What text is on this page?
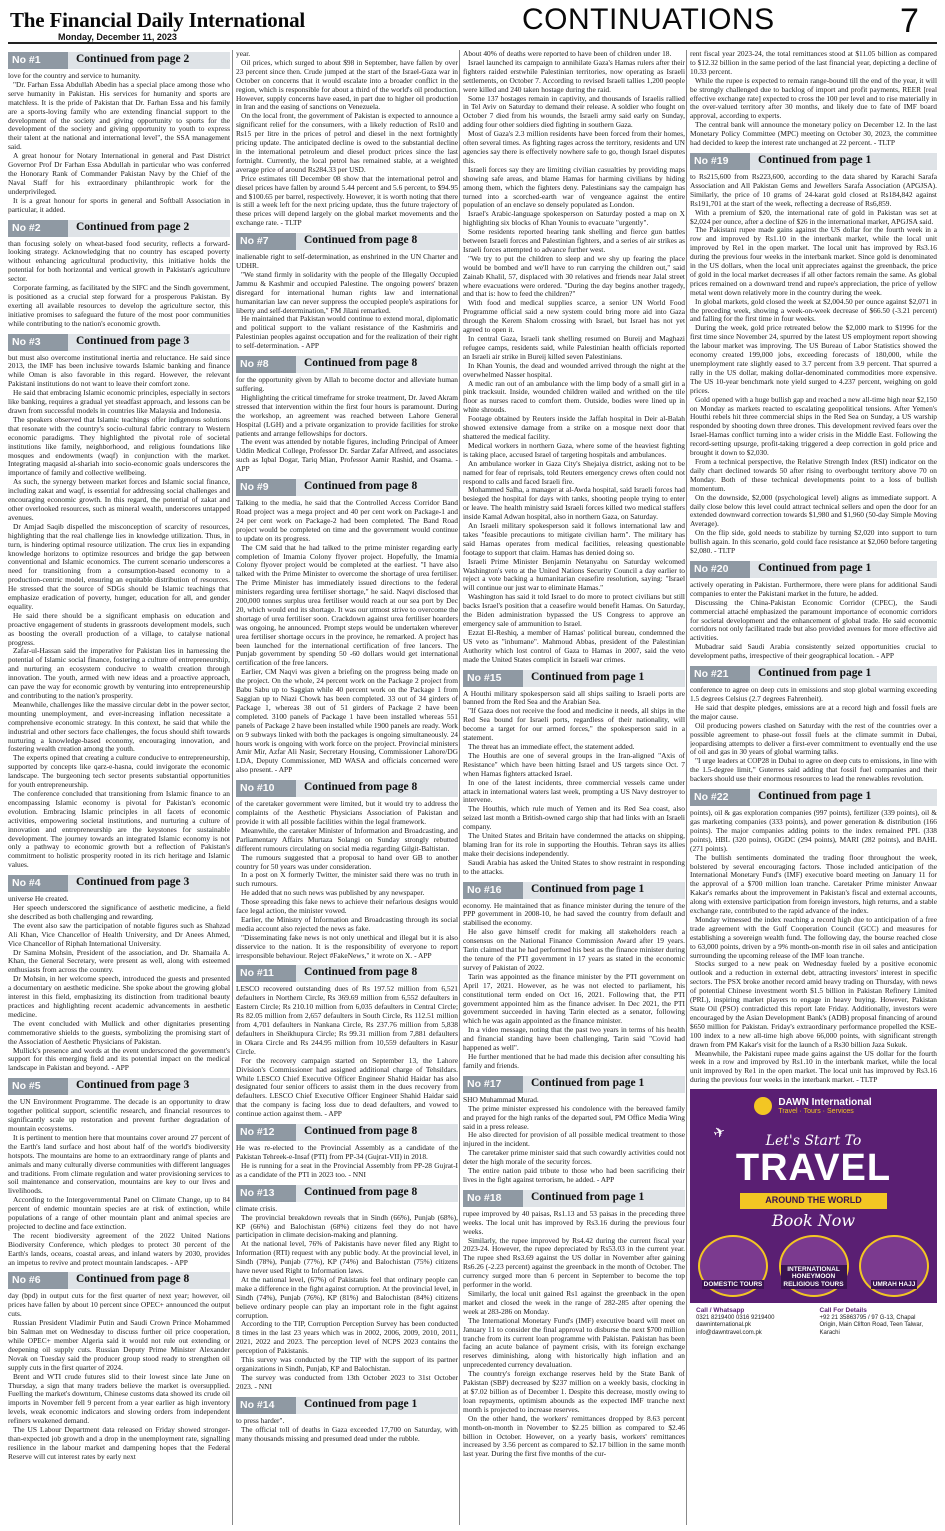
The Financial Daily International
Monday, December 11, 2023
CONTINUATIONS	7
No #1	Continued from page 2

love for the country and service to humanity.

"Dr. Farhan Essa Abdullah Abedin has a special place among those who serve humanity in Pakistan. His services for humanity and sports are matchless. It is the pride of Pakistan that Dr. Farhan Essa and his family are a sports-loving family who are extending financial support to the development of the society and giving opportunity to sports for the development of the society and giving opportunity to youth to express their talent at the national and international level", the SSA management said.

A great honour for Notary International in general and Past District Governor Prof Dr Farhan Essa Abdullah in particular who was conferred the Honorary Rank of Commander Pakistan Navy by the Chief of the Naval Staff for his extraordinary philanthropic work for the underprivileged.

It is a great honour for sports in general and Softball Association in particular, it added.

No #2	Continued from page 2

than focusing solely on wheat-based food security, reflects a forward-looking strategy. Acknowledging that no country has escaped poverty without enhancing agricultural productivity, this initiative holds the potential for both horizontal and vertical growth in Pakistan's agriculture sector.

Corporate farming, as facilitated by the SIFC and the Sindh government, is positioned as a crucial step forward for a prosperous Pakistan. By exerting all available resources to develop the agriculture sector, this initiative promises to safeguard the future of the most poor communities while contributing to the nation's economic growth.

No #3	Continued from page 3

but must also overcome institutional inertia and reluctance. He said since 2013, the IMF has been inclusive towards Islamic banking and finance while Oman is also favorable in this regard. However, the relevant Pakistani institutions do not want to leave their comfort zone.

He said that embracing Islamic economic principles, especially in sectors like banking, requires a gradual yet steadfast approach, and lessons can be drawn from successful models in countries like Malaysia and Indonesia.

The speakers observed that Islamic teachings offer indigenous solutions that resonate with the country's socio-cultural fabric contrary to Western economic paradigms. They highlighted the pivotal role of societal institutions like family, neighborhood, and religious foundations like mosques and endowments (waqf) in conjunction with the market. Integrating maqasid al-shariah into socio-economic goals underscores the importance of family and collective wellbeing.

As such, the synergy between market forces and Islamic social finance, including zakat and waqf, is essential for addressing social challenges and encouraging economic growth. In this regard, the potential of zakat and other overlooked resources, such as mineral wealth, underscores untapped avenues.

Dr Amjad Saqib dispelled the misconception of scarcity of resources, highlighting that the real challenge lies in knowledge utilization. Thus, in turn, is hindering optimal resource utilization. The crux lies in expanding knowledge horizons to optimize resources and bridge the gap between conventional and Islamic economics. The current scenario underscores a need for transitioning from a consumption-based economy to a production-centric model, ensuring an equitable distribution of resources. He stressed that the source of SDGs should be Islamic teachings that emphasize eradication of poverty, hunger, education for all, and gender equality.

He said there should be a significant emphasis on education and proactive engagement of students in grassroots development models, such as boosting the overall production of a village, to catalyse national progress.

Zafar-ul-Hassan said the imperative for Pakistan lies in harnessing the potential of Islamic social finance, fostering a culture of entrepreneurship, and nurturing an ecosystem conducive to wealth creation through innovation. The youth, armed with new ideas and a proactive approach, can pave the way for economic growth by venturing into entrepreneurship and contributing to the nation's prosperity.

Meanwhile, challenges like the massive circular debt in the power sector, mounting unemployment, and ever-increasing inflation necessitate a comprehensive economic strategy. In this context, he said that while the industrial and other sectors face challenges, the focus should shift towards nurturing a knowledge-based economy, encouraging innovation, and fostering wealth creation among the youth.

The experts opined that creating a culture conducive to entrepreneurship, supported by concepts like qarz-e-hasna, could invigorate the economic landscape. The burgeoning tech sector presents substantial opportunities for youth entrepreneurship.

The conference concluded that transitioning from Islamic finance to an encompassing Islamic economy is pivotal for Pakistan's economic evolution. Embracing Islamic principles in all facets of economic activities, empowering societal institutions, and nurturing a culture of innovation and entrepreneurship are the keystones for sustainable development. The journey towards an integrated Islamic economy is not only a pathway to economic growth but a reflection of Pakistan's commitment to holistic prosperity rooted in its rich heritage and Islamic values.

No #4	Continued from page 3

universe He created.

Her speech underscored the significance of aesthetic medicine, a field she described as both challenging and rewarding.

The event also saw the participation of notable figures such as Shahzad Ali Khan, Vice Chancellor of Health University, and Dr Anees Ahmed, Vice Chancellor of Riphah International University.

Dr Samina Mohsin, President of the association, and Dr. Shamaila A. Khan, the General Secretary, were present as well, along with esteemed enthusiasts from across the country.

Dr Mohsin, in her welcome speech, introduced the guests and presented a documentary on aesthetic medicine. She spoke about the growing global interest in this field, emphasizing its distinction from traditional beauty practices and highlighting recent academic advancements in aesthetic medicine.

The event concluded with Mullick and other dignitaries presenting commemorative shields to the guests, symbolizing the promising start of the Association of Aesthetic Physicians of Pakistan.

Mullick's presence and words at the event underscored the government's support for this emerging field and its potential impact on the medical landscape in Pakistan and beyond. - APP

No #5	Continued from page 3

the UN Environment Programme. The decade is an opportunity to draw together political support, scientific research, and financial resources to significantly scale up restoration and prevent further degradation of mountain ecosystems.

It is pertinent to mention here that mountains cover around 27 percent of the Earth's land surface and host about half of the world's biodiversity hotspots. The mountains are home to an extraordinary range of plants and animals and many culturally diverse communities with different languages and traditions. From climate regulation and water provisioning services to soil maintenance and conservation, mountains are key to our lives and livelihoods.

According to the Intergovernmental Panel on Climate Change, up to 84 percent of endemic mountain species are at risk of extinction, while populations of a range of other mountain plant and animal species are projected to decline and face extinction.

The recent biodiversity agreement of the 2022 United Nations Biodiversity Conference, which pledges to protect 30 percent of the Earth's lands, oceans, coastal areas, and inland waters by 2030, provides an impetus to revive and protect mountain landscapes. - APP

No #6	Continued from page 8

day (bpd) in output cuts for the first quarter of next year; however, oil prices have fallen by about 10 percent since OPEC+ announced the output cuts.

Russian President Vladimir Putin and Saudi Crown Prince Mohammed bin Salman met on Wednesday to discuss further oil price cooperation, while OPEC+ member Algeria said it would not rule out extending or deepening oil supply cuts. Russian Deputy Prime Minister Alexander Novak on Tuesday said the producer group stood ready to strengthen oil supply cuts in the first quarter of 2024.

Brent and WTI crude futures slid to their lowest since late June on Thursday, a sign that many traders believe the market is oversupplied. Fuelling the market's downturn, Chinese customs data showed its crude oil imports in November fell 9 percent from a year earlier as high inventory levels, weak economic indicators and slowing orders from independent refiners weakened demand.

The US Labour Department data released on Friday showed stronger-than-expected job growth and a drop in the unemployment rate, signalling resilience in the labour market and dampening hopes that the Federal Reserve will cut interest rates by early next

year.

Oil prices, which surged to about $98 in September, have fallen by over 23 percent since then. Crude jumped at the start of the Israel-Gaza war in October on concerns that it would escalate into a broader conflict in the region, which is responsible for about a third of the world's oil production. However, supply concerns have eased, in part due to higher oil production in Iran and the easing of sanctions on Venezuela.

On the local front, the government of Pakistan is expected to announce a significant relief for the consumers, with a likely reduction of Rs10 and Rs15 per litre in the prices of petrol and diesel in the next fortnightly pricing update. The anticipated decline is owed to the substantial decline in the international petroleum and diesel product prices since the last fortnight. Currently, the local petrol has remained stable, at a weighted average price of around Rs284.33 per USD.

Price estimates till December 08 show that the international petrol and diesel prices have fallen by around 5.44 percent and 5.6 percent, to $94.95 and $100.65 per barrel, respectively. However, it is worth noting that there is still a week left for the next pricing update, thus the future trajectory of these prices will depend largely on the global market movements and the exchange rate. - TLTP

No #7	Continued from page 8

inalienable right to self-determination, as enshrined in the UN Charter and UDHR.

"We stand firmly in solidarity with the people of the Illegally Occupied Jammu & Kashmir and occupied Palestine. The ongoing powers' brazen disregard for international human rights law and international humanitarian law can never suppress the occupied people's aspirations for liberty and self-determination," FM Jilani remarked.

He maintained that Pakistan would continue to extend moral, diplomatic and political support to the valiant resistance of the Kashmiris and Palestinian peoples against occupation and for the realization of their right to self-determination. - APP

No #8	Continued from page 8

for the opportunity given by Allah to become doctor and alleviate human suffering.

Highlighting the critical timeframe for stroke treatment, Dr. Javed Akram stressed that intervention within the first four hours is paramount. During the workshop, an agreement was reached between Lahore General Hospital (LGH) and a private organization to provide facilities for stroke patients and arrange fellowships for doctors.

The event was attended by notable figures, including Principal of Ameer Uddin Medical College, Professor Dr. Sardar Zafar Alfreed, and associates such as Iqbal Dogar, Tariq Mian, Professor Aamir Rashid, and Osama. - APP

No #9	Continued from page 8

Talking to the media, he said that the Controlled Access Corridor Band Road project was a mega project and 40 per cent work on Package-1 and 24 per cent work on Package-2 had been completed. The Band Road project would be completed on time and the government would continue to update on its progress.

The CM said that he had talked to the prime minister regarding early completion of Imamia Colony flyover project. Hopefully, the Imamia Colony flyover project would be completed at the earliest. "I have also talked with the Prime Minister to overcome the shortage of urea fertiliser. The Prime Minister has immediately issued directions to the federal ministers regarding urea fertiliser shortage," he said. Naqvi disclosed that 200,000 tonnes surplus urea fertiliser would reach at our sea port by Dec 20, which would end its shortage. It was our utmost strive to overcome the shortage of urea fertiliser soon. Crackdown against urea fertiliser hoarders was ongoing, he announced. Prompt steps would be undertaken wherever urea fertiliser shortage occurs in the province, he remarked. A project has been launched for the international certification of free lancers. The Punjab government by spending 50 -60 dollars would get international certification of the free lancers.

Earlier, CM Naqvi was given a briefing on the progress being made on the project. On the whole, 24 percent work on the Package 2 project from Babu Sabu up to Saggian while 40 percent work on the Package 1 from Saggian up to Niazi Chowk has been completed. 33 out of 34 girders of Package 1, whereas 38 out of 51 girders of Package 2 have been completed. 3100 panels of Package 1 have been installed whereas 551 panels of Package 2 have been installed while 1900 panels are ready. Work on 9 subways linked with both the packages is ongoing simultaneously. 24 hours work is ongoing with work force on the project. Provincial ministers Amir Mir, Azfar Ali Nasir, Secretary Housing, Commissioner Lahore/DG LDA, Deputy Commissioner, MD WASA and officials concerned were also present. - APP

No #10	Continued from page 8

of the caretaker government were limited, but it would try to address the complaints of the Aesthetic Physicians Association of Pakistan and provide it with all possible facilities within the legal framework.

Meanwhile, the caretaker Minister of Information and Broadcasting, and Parliamentary Affairs Murtaza Solangi on Sunday strongly rebutted different rumours circulating on social media regarding Gilgit-Baltistan.

The rumours suggested that a proposal to hand over GB to another country for 50 years was under consideration.

In a post on X formerly Twitter, the minister said there was no truth in such rumours.

He added that no such news was published by any newspaper.

Those spreading this fake news to achieve their nefarious designs would face legal action, the minister vowed.

Earlier, the Ministry of Information and Broadcasting through its social media account also rejected the news as fake.

"Disseminating fake news is not only unethical and illegal but it is also disservice to the nation. It is the responsibility of everyone to report irresponsible behaviour. Reject #FakeNews," it wrote on X. - APP

No #11	Continued from page 8

LESCO recovered outstanding dues of Rs 197.52 million from 6,521 defaulters in Northern Circle, Rs 369.69 million from 6,552 defaulters in Eastern Circle; Rs 210.10 million from 6,035 defaulters in Central Circle; Rs 82.05 million from 2,657 defaulters in South Circle, Rs 112.51 million from 4,701 defaulters in Nankana Circle, Rs 237.76 million from 5,838 defaulters in Sheikhupura Circle; Rs 99.31 million from 7,881 defaulters in Okara Circle and Rs 244.95 million from 10,559 defaulters in Kasur Circle.

For the recovery campaign started on September 13, the Lahore Division's Commissioner had assigned additional charge of Tehsildars. While LESCO Chief Executive Officer Engineer Shahid Haidar has also designated four senior officers to assist them in the dues recovery from defaulters. LESCO Chief Executive Officer Engineer Shahid Haidar said that the company is facing loss due to dead defaulters, and vowed to continue action against them. - APP

No #12	Continued from page 8

He was re-elected to the Provincial Assembly as a candidate of the Pakistan Tehreek-e-Insaf (PTI) from PP-34 (Gujrat-VII) in 2018.

He is running for a seat in the Provincial Assembly from PP-28 Gujrat-I as a candidate of the PTI in 2023 too. - NNI

No #13	Continued from page 8

climate crisis.

The provincial breakdown reveals that in Sindh (66%), Punjab (68%), KP (66%) and Balochistan (68%) citizens feel they do not have participation in climate decision-making and planning.

At the national level, 76% of Pakistanis have never filed any Right to Information (RTI) request with any public body. At the provincial level, in Sindh (78%), Punjab (77%), KP (74%) and Balochistan (75%) citizens have never used Right to Information laws.

At the national level, (67%) of Pakistanis feel that ordinary people can make a difference in the fight against corruption. At the provincial level, in Sindh (74%), Punjab (76%), KP (81%) and Balochistan (84%) citizens believe ordinary people can play an important role in the fight against corruption.

According to the TIP, Corruption Perception Survey has been conducted 8 times in the last 23 years which was in 2002, 2006, 2009, 2010, 2011, 2021, 2022 and 2023. The perception level of NCPS 2023 contains the perception of Pakistanis.

This survey was conducted by the TIP with the support of its partner organizations in Sindh, Punjab, KP and Balochistan.

The survey was conducted from 13th October 2023 to 31st October 2023. - NNI

No #14	Continued from page 1

to press harder".

The official toll of deaths in Gaza exceeded 17,700 on Saturday, with many thousands missing and presumed dead under the rubble.

About 40% of deaths were reported to have been of children under 18.

Israel launched its campaign to annihilate Gaza's Hamas rulers after their fighters raided erstwhile Palestinian territories, now operating as Israeli settlements, on October 7. According to revised Israeli tallies 1,200 people were killed and 240 taken hostage during the raid.

Some 137 hostages remain in captivity, and thousands of Israelis rallied in Tel Aviv on Saturday to demand their release. A soldier who fought on October 7 died from his wounds, the Israeli army said early on Sunday, adding four other soldiers died fighting in southern Gaza.

Most of Gaza's 2.3 million residents have been forced from their homes, often several times. As fighting rages across the territory, residents and UN agencies say there is effectively nowhere safe to go, though Israel disputes this.

Israeli forces say they are limiting civilian casualties by providing maps showing safe areas, and blame Hamas for harming civilians by hiding among them, which the fighters deny. Palestinians say the campaign has turned into a scorched-earth war of vengeance against the entire population of an enclave so densely populated as London.

Israel's Arabic-language spokesperson on Saturday posted a map on X highlighting six blocks of Khan Younis to evacuate "urgently".

Some residents reported hearing tank shelling and fierce gun battles between Israeli forces and Palestinian fighters, and a series of air strikes as Israeli forces attempted to advance further west.

"We try to put the children to sleep and we shy up fearing the place would be bombed and we'll have to run carrying the children out," said Zainab Khalil, 57, displaced with 30 relatives and friends near Jalal street where evacuations were ordered. "During the day begins another tragedy, and that is: how to feed the children?"

With food and medical supplies scarce, a senior UN World Food Programme official said a new system could bring more aid into Gaza through the Kerem Shalom crossing with Israel, but Israel has not yet agreed to open it.

In central Gaza, Israeli tank shelling resumed on Bureij and Maghazi refugee camps, residents said, while Palestinian health officials reported an Israeli air strike in Bureij killed seven Palestinians.

In Khan Younis, the dead and wounded arrived through the night at the overwhelmed Nasser hospital.

A medic ran out of an ambulance with the limp body of a small girl in a pink tracksuit. Inside, wounded children wailed and writhed on the tile floor as nurses raced to comfort them. Outside, bodies were lined up in white shrouds.

Footage obtained by Reuters inside the Jaffah hospital in Deir al-Balah showed extensive damage from a strike on a mosque next door that shattered the medical facility.

Medical workers in northern Gaza, where some of the heaviest fighting is taking place, accused Israel of targeting hospitals and ambulances.

An ambulance worker in Gaza City's Shejaiya district, asking not to be named for fear of reprisals, told Reuters emergency crews often could not respond to calls and faced Israeli fire.

Mohammed Salha, a manager at al-Awda hospital, said Israeli forces had besieged the hospital for days with tanks, shooting people trying to enter or leave. The health ministry said Israeli forces killed two medical staffers inside Kamal Adwan hospital, also in northern Gaza, on Saturday.

An Israeli military spokesperson said it follows international law and takes "feasible precautions to mitigate civilian harm". The military has said Hamas operates from medical facilities, releasing questionable footage to support that claim. Hamas has denied doing so.

Israeli Prime Minister Benjamin Netanyahu on Saturday welcomed Washington's veto at the United Nations Security Council a day earlier to reject a vote backing a humanitarian ceasefire resolution, saying: "Israel will continue our just war to eliminate Hamas."

Washington has said it told Israel to do more to protect civilians but still backs Israel's position that a ceasefire would benefit Hamas. On Saturday, the Biden administration bypassed the US Congress to approve an emergency sale of ammunition to Israel.

Ezzat El-Reshiq, a member of Hamas' political bureau, condemned the US veto as "inhumane". Mahmoud Abbas, president of the Palestinian Authority which lost control of Gaza to Hamas in 2007, said the veto made the United States complicit in Israeli war crimes.

No #15	Continued from page 1

A Houthi military spokesperson said all ships sailing to Israeli ports are banned from the Red Sea and the Arabian Sea.

"If Gaza does not receive the food and medicine it needs, all ships in the Red Sea bound for Israeli ports, regardless of their nationality, will become a target for our armed forces," the spokesperson said in a statement.

The threat has an immediate effect, the statement added.

The Houthis are one of several groups in the Iran-aligned "Axis of Resistance" which have been hitting Israel and US targets since Oct. 7 when Hamas fighters attacked Israel.

In one of the latest incidents, three commercial vessels came under attack in international waters last week, prompting a US Navy destroyer to intervene.

The Houthis, which rule much of Yemen and its Red Sea coast, also seized last month a British-owned cargo ship that had links with an Israeli company.

The United States and Britain have condemned the attacks on shipping, blaming Iran for its role in supporting the Houthis. Tehran says its allies make their decisions independently.

Saudi Arabia has asked the United States to show restraint in responding to the attacks.

No #16	Continued from page 1

economy. He maintained that as finance minister during the tenure of the PPP government in 2008-10, he had saved the country from default and stabilised the economy.

He also gave himself credit for making all stakeholders reach a consensus on the National Finance Commission Award after 19 years. Tarin claimed that he had performed his best as the finance minister during the tenure of the PTI government in 17 years as stated in the economic survey of Pakistan of 2022.

Tarin was appointed as the finance minister by the PTI government on April 17, 2021. However, as he was not elected to parliament, his constitutional term ended on Oct 16, 2021. Following that, the PTI government appointed him as the finance adviser. In Dec 2021, the PTI government succeeded in having Tarin elected as a senator, following which he was again appointed as the finance minister.

In a video message, noting that the past two years in terms of his health and financial standing have been challenging, Tarin said "Covid had happened as well".

He further mentioned that he had made this decision after consulting his family and friends.

No #17	Continued from page 1

SHO Muhammad Murad.

The prime minister expressed his condolence with the bereaved family and prayed for the high ranks of the departed soul, PM Office Media Wing said in a press release.

He also directed for provision of all possible medical treatment to those injured in the incident.

The caretaker prime minister said that such cowardly activities could not deter the high morale of the security forces.

The entire nation paid tribute to those who had been sacrificing their lives in the fight against terrorism, he added. - APP

No #18	Continued from page 1

rupee improved by 40 paisas, Rs1.13 and 53 paisas in the preceding three weeks. The local unit has improved by Rs3.16 during the previous four weeks.

Similarly, the rupee improved by Rs4.42 during the current fiscal year 2023-24. However, the rupee depreciated by Rs53.03 in the current year. The rupee shed Rs3.69 against the US dollar in November after gaining Rs6.26 (-2.23 percent) against the greenback in the month of October. The currency surged more than 6 percent in September to become the top performer in the world.

Similarly, the local unit gained Rs1 against the greenback in the open market and closed the week in the range of 282-285 after opening the week at 283-286 on Monday.

The International Monetary Fund's (IMF) executive board will meet on January 11 to consider the final approval to disburse the next $700 million tranche from its current loan programme with Pakistan. Pakistan has been facing an acute balance of payment crisis, with its foreign exchange reserves diminishing, along with historically high inflation and an unprecedented currency devaluation.

The country's foreign exchange reserves held by the State Bank of Pakistan (SBP) decreased by $237 million on a weekly basis, clocking in at $7.02 billion as of December 1. Despite this decrease, mostly owing to loan repayments, optimism abounds as the expected IMF tranche next month is projected to increase reserves.

On the other hand, the workers' remittances dropped by 8.63 percent month-on-month in November to $2.25 billion as compared to $2.46 billion in October. However, on a yearly basis, workers' remittances increased by 3.56 percent as compared to $2.17 billion in the same month last year. During the first five months of the cur-

rent fiscal year 2023-24, the total remittances stood at $11.05 billion as compared to $12.32 billion in the same period of the last financial year, depicting a decline of 10.33 percent.

While the rupee is expected to remain range-bound till the end of the year, it will be strongly challenged due to backlog of import and profit payments, REER [real effective exchange rate] expected to cross the 100 per level and to rise materially in the over-valued territory after 30 months, and likely due to fate of IMF board approval, according to experts.

The central bank will announce the monetary policy on December 12. In the last Monetary Policy Committee (MPC) meeting on October 30, 2023, the committee had decided to keep the interest rate unchanged at 22 percent. - TLTP

No #19	Continued from page 1

to Rs215,600 from Rs223,600, according to the data shared by Karachi Sarafa Association and All Pakistan Gems and Jewellers Sarafa Association (APGJSA). Similarly, the price of 10 grams of 24-karat gold closed at Rs184,842 against Rs191,701 at the start of the week, reflecting a decrease of Rs6,859.

With a premium of $20, the international rate of gold in Pakistan was set at $2,024 per ounce, after a decline of $26 in the international market, APGJSA said.

The Pakistani rupee made gains against the US dollar for the fourth week in a row and improved by Rs1.10 in the interbank market, while the local unit improved by Re1 in the open market. The local unit has improved by Rs3.16 during the previous four weeks in the interbank market. Since gold is denominated in the US dollars, when the local unit appreciates against the greenback, the price of gold in the local market decreases if all other factors remain the same. As global prices remained on a downward trend and rupee's appreciation, the price of yellow metal went down relatively more in the country during the week.

In global markets, gold closed the week at $2,004.50 per ounce against $2,071 in the preceding week, showing a week-on-week decrease of $66.50 (-3.21 percent) and falling for the first time in four weeks.

During the week, gold price retreated below the $2,000 mark to $1996 for the first time since November 24, spurred by the latest US employment report showing the labour market was improving. The US Bureau of Labor Statistics showed the economy created 199,000 jobs, exceeding forecasts of 180,000, while the unemployment rate slightly eased to 3.7 percent from 3.9 percent. That spurred a rally in the US dollar, making dollar-denominated commodities more expensive. The US 10-year benchmark note yield surged to 4.237 percent, weighing on gold prices.

Gold opened with a huge bullish gap and reached a new all-time high near $2,150 on Monday as markets reacted to escalating geopolitical tensions. After Yemen's Houthi rebels hit three commercial ships in the Red Sea on Sunday, a US warship responded by shooting down three drones. This development revived fears over the Israel-Hamas conflict turning into a wider crisis in the Middle East. Following the record-setting upsurge, profit-taking triggered a deep correction in gold price and brought it down to $2,030.

From a technical perspective, the Relative Strength Index (RSI) indicator on the daily chart declined towards 50 after rising to overbought territory above 70 on Monday. Both of these technical developments point to a loss of bullish momentum.

On the downside, $2,000 (psychological level) aligns as immediate support. A daily close below this level could attract technical sellers and open the door for an extended downward correction towards $1,980 and $1,960 (50-day Simple Moving Average).

On the flip side, gold needs to stabilize by turning $2,020 into support to turn bullish again. In this scenario, gold could face resistance at $2,060 before targeting $2,080. - TLTP

No #20	Continued from page 1

actively operating in Pakistan. Furthermore, there were plans for additional Saudi companies to enter the Pakistani market in the future, he added.

Discussing the China-Pakistan Economic Corridor (CPEC), the Saudi commercial attaché emphasized the paramount importance of economic corridors for societal development and the enhancement of global trade. He said economic corridors not only facilitated trade but also provided avenues for more effective aid activities.

Mubadrar said Saudi Arabia consistently seized opportunities crucial to development paths, irrespective of their geographical location. - APP

No #21	Continued from page 1

conference to agree on deep cuts in emissions and stop global warming exceeding 1.5 degrees Celsius (2.7 degrees Fahrenheit).

He said that despite pledges, emissions are at a record high and fossil fuels are the major cause.

Oil producing powers clashed on Saturday with the rest of the countries over a possible agreement to phase-out fossil fuels at the climate summit in Dubai, jeopardising attempts to deliver a first-ever commitment to eventually end the use of oil and gas in 30 years of global warming talks.

"I urge leaders at COP28 in Dubai to agree on deep cuts to emissions, in line with the 1.5-degree limit," Guterres said adding that fossil fuel companies and their backers should use their enormous resources to lead the renewables revolution.

No #22	Continued from page 1

points), oil & gas exploration companies (997 points), fertilizer (339 points), oil & gas marketing companies (333 points), and power generation & distribution (166 points). The major companies adding points to the index remained PPL (338 points), HBL (320 points), OGDC (294 points), MARI (282 points), and BAHL (271 points).

The bullish sentiments dominated the trading floor throughout the week, bolstered by several encouraging factors. Those included anticipation of the International Monetary Fund's (IMF) executive board meeting on January 11 for the approval of a $700 million loan tranche. Caretaker Prime minister Anwaar Kakar's remarks about the improvement in Pakistan's fiscal and external accounts, along with extensive participation from foreign investors, high returns, and a stable exchange rate, contributed to the rapid advance of the index.

Monday witnessed the index reaching a record high due to anticipation of a free trade agreement with the Gulf Cooperation Council (GCC) and measures for establishing a sovereign wealth fund. The following day, the bourse reached close to 63,000 points, driven by a 9% month-on-month rise in oil sales and anticipation surrounding the upcoming release of the IMF loan tranche.

Stocks surged to a new peak on Wednesday fueled by a positive economic outlook and a reduction in external debt, attracting investors' interest in specific sectors. The PSX broke another record amid heavy trading on Thursday, with news of potential Chinese investment worth $1.5 billion in Pakistan Refinery Limited (PRL), inspiring market players to engage in heavy buying. However, Pakistan State Oil (PSO) contradicted this report late Friday. Additionally, investors were encouraged by the Asian Development Bank's (ADB) proposal financing of around $650 million for Pakistan. Friday's extraordinary performance propelled the KSE-100 index to a new all-time high above 66,000 points, with significant strength drawn from PM Kakar's visit for the launch of a Rs30 billion Jaza Sukuk.

Meanwhile, the Pakistani rupee made gains against the US dollar for the fourth week in a row and improved by Rs1.10 in the interbank market, while the local unit improved by Re1 in the open market. The local unit has improved by Rs3.16 during the previous four weeks in the interbank market. - TLTP

DAWN International
Travel · Tours · Services
✈	Let's Start To
TRAVEL
AROUND THE WORLD
Book Now
DOMESTIC TOURS
INTERNATIONAL HONEYMOON RELIGIOUS TOURS	UMRAH HAJJ
Call / Whatsapp
0321 8219400 0316 9219400 dawninternational.pk info@dawntravel.com.pk
Call For Details
+92 21 35863795 / 97 G-13, Chapal Origin, Main Clifton Road, Teen Talwar, Karachi
